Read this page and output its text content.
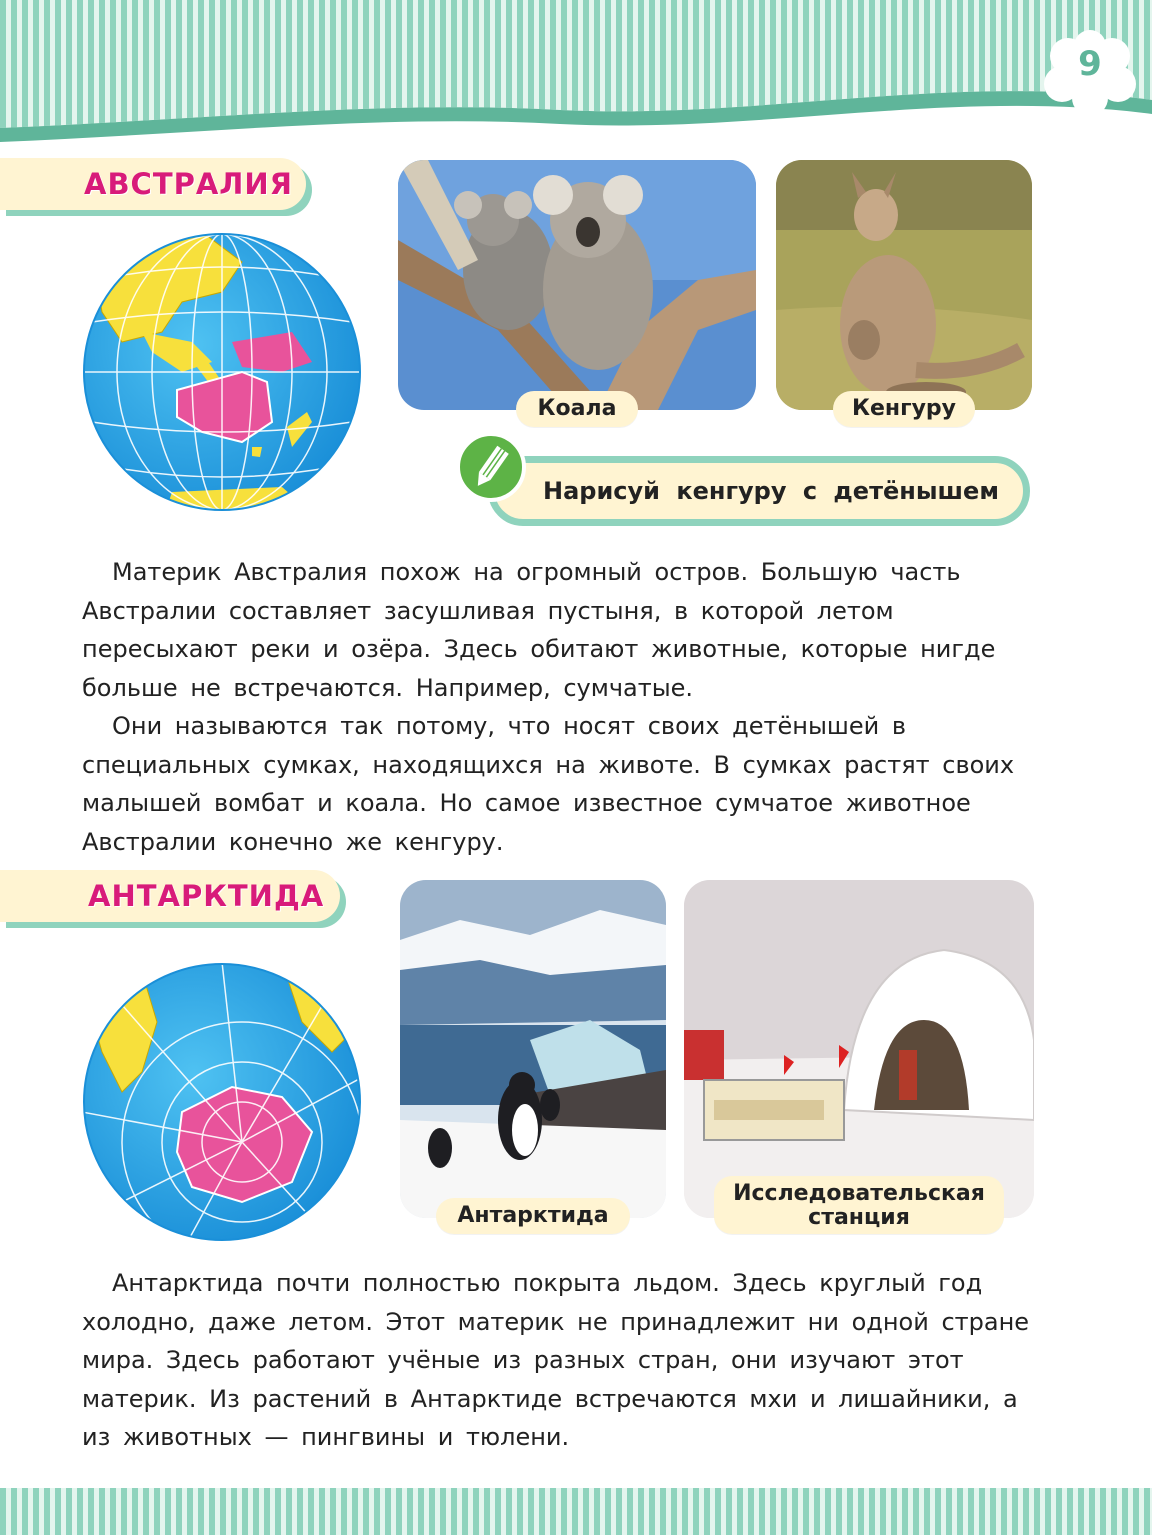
9
АВСТРАЛИЯ
Коала	Кенгуру
Нарисуй кенгуру с детёнышем

Материк Австралия похож на огромный остров. Большую часть Австралии составляет засушливая пустыня, в которой летом пересыхают реки и озёра. Здесь обитают животные, которые нигде больше не встречаются. Например, сумчатые.

Они называются так потому, что носят своих детёнышей в специальных сумках, находящихся на животе. В сумках растят своих малышей вомбат и коала. Но самое известное сумчатое животное Австралии конечно же кенгуру.

АНТАРКТИДА
Антарктида
Исследовательская станция

Антарктида почти полностью покрыта льдом. Здесь круглый год холодно, даже летом. Этот материк не принадлежит ни одной стране мира. Здесь работают учёные из разных стран, они изучают этот материк. Из растений в Антарктиде встречаются мхи и лишайники, а из животных — пингвины и тюлени.
